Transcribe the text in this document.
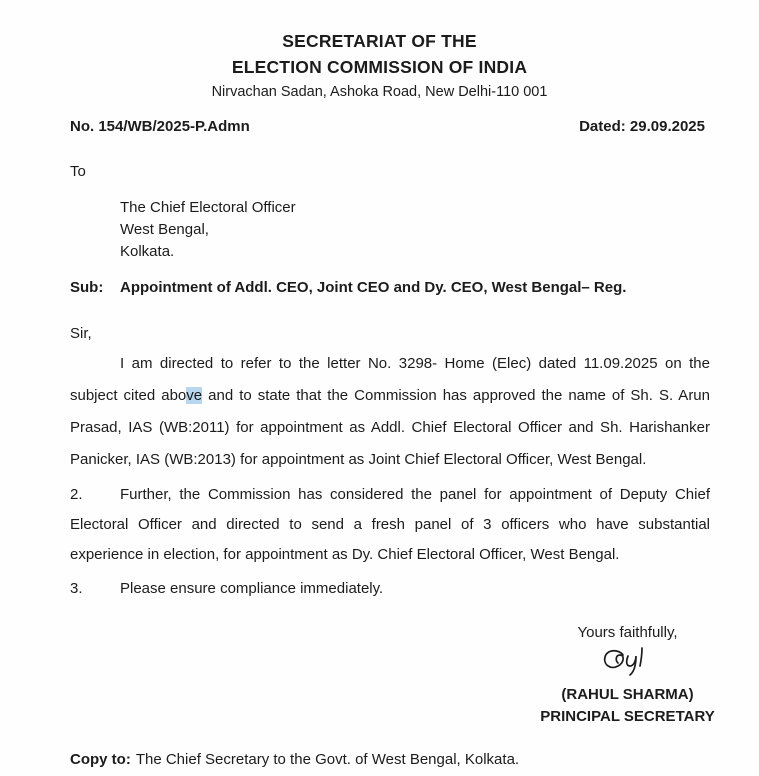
SECRETARIAT OF THE
ELECTION COMMISSION OF INDIA
Nirvachan Sadan, Ashoka Road, New Delhi-110 001
No. 154/WB/2025-P.Admn	Dated: 29.09.2025
To
The Chief Electoral Officer
West Bengal,
Kolkata.
Sub:	Appointment of Addl. CEO, Joint CEO and Dy. CEO, West Bengal– Reg.
Sir,

I am directed to refer to the letter No. 3298- Home (Elec) dated 11.09.2025 on the subject cited above and to state that the Commission has approved the name of Sh. S. Arun Prasad, IAS (WB:2011) for appointment as Addl. Chief Electoral Officer and Sh. Harishanker Panicker, IAS (WB:2013) for appointment as Joint Chief Electoral Officer, West Bengal.

2. Further, the Commission has considered the panel for appointment of Deputy Chief Electoral Officer and directed to send a fresh panel of 3 officers who have substantial experience in election, for appointment as Dy. Chief Electoral Officer, West Bengal.

3. Please ensure compliance immediately.

Yours faithfully,
(RAHUL SHARMA)
PRINCIPAL SECRETARY
Copy to: The Chief Secretary to the Govt. of West Bengal, Kolkata.
